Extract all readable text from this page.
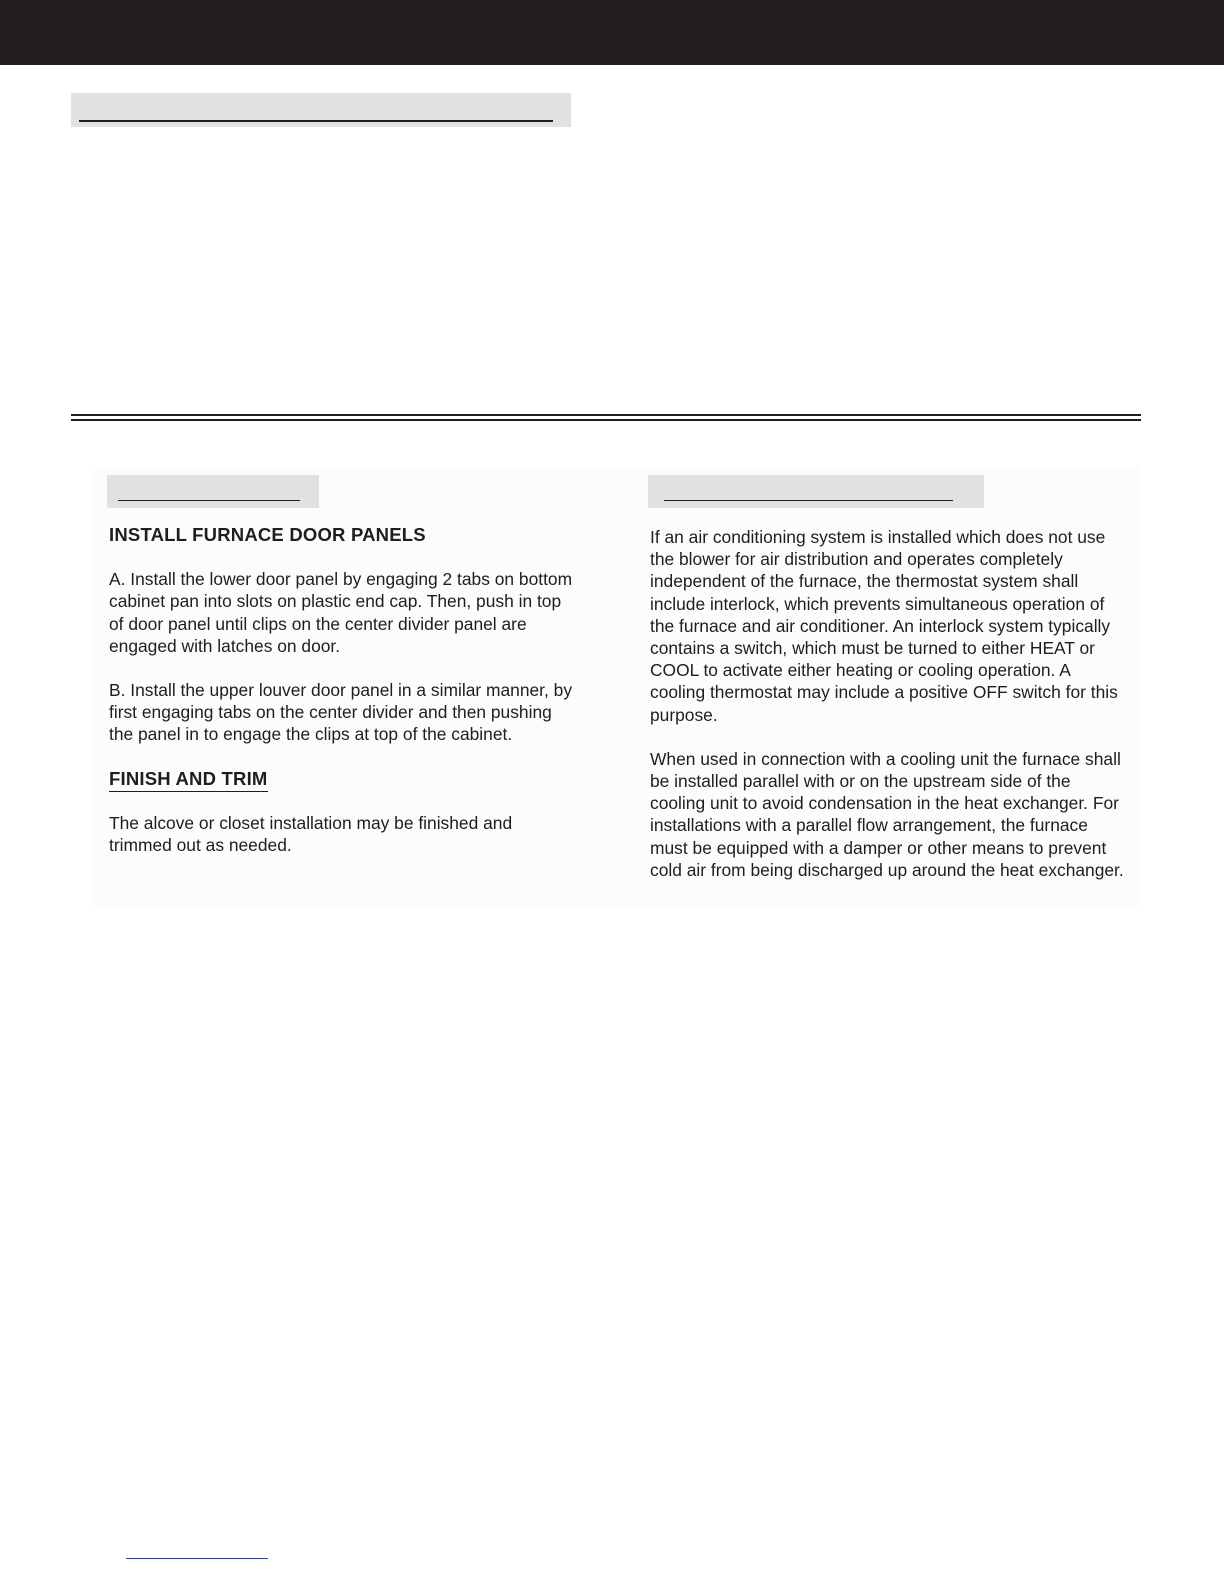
INSTALL FURNACE DOOR PANELS

A. Install the lower door panel by engaging 2 tabs on bottom cabinet pan into slots on plastic end cap. Then, push in top of door panel until clips on the center divider panel are engaged with latches on door.

B. Install the upper louver door panel in a similar manner, by first engaging tabs on the center divider and then pushing the panel in to engage the clips at top of the cabinet.

FINISH AND TRIM

The alcove or closet installation may be finished and trimmed out as needed.

If an air conditioning system is installed which does not use the blower for air distribution and operates completely independent of the furnace, the thermostat system shall include interlock, which prevents simultaneous operation of the furnace and air conditioner. An interlock system typically contains a switch, which must be turned to either HEAT or COOL to activate either heating or cooling operation. A cooling thermostat may include a positive OFF switch for this purpose.

When used in connection with a cooling unit the furnace shall be installed parallel with or on the upstream side of the cooling unit to avoid condensation in the heat exchanger. For installations with a parallel flow arrangement, the furnace must be equipped with a damper or other means to prevent cold air from being discharged up around the heat exchanger.
